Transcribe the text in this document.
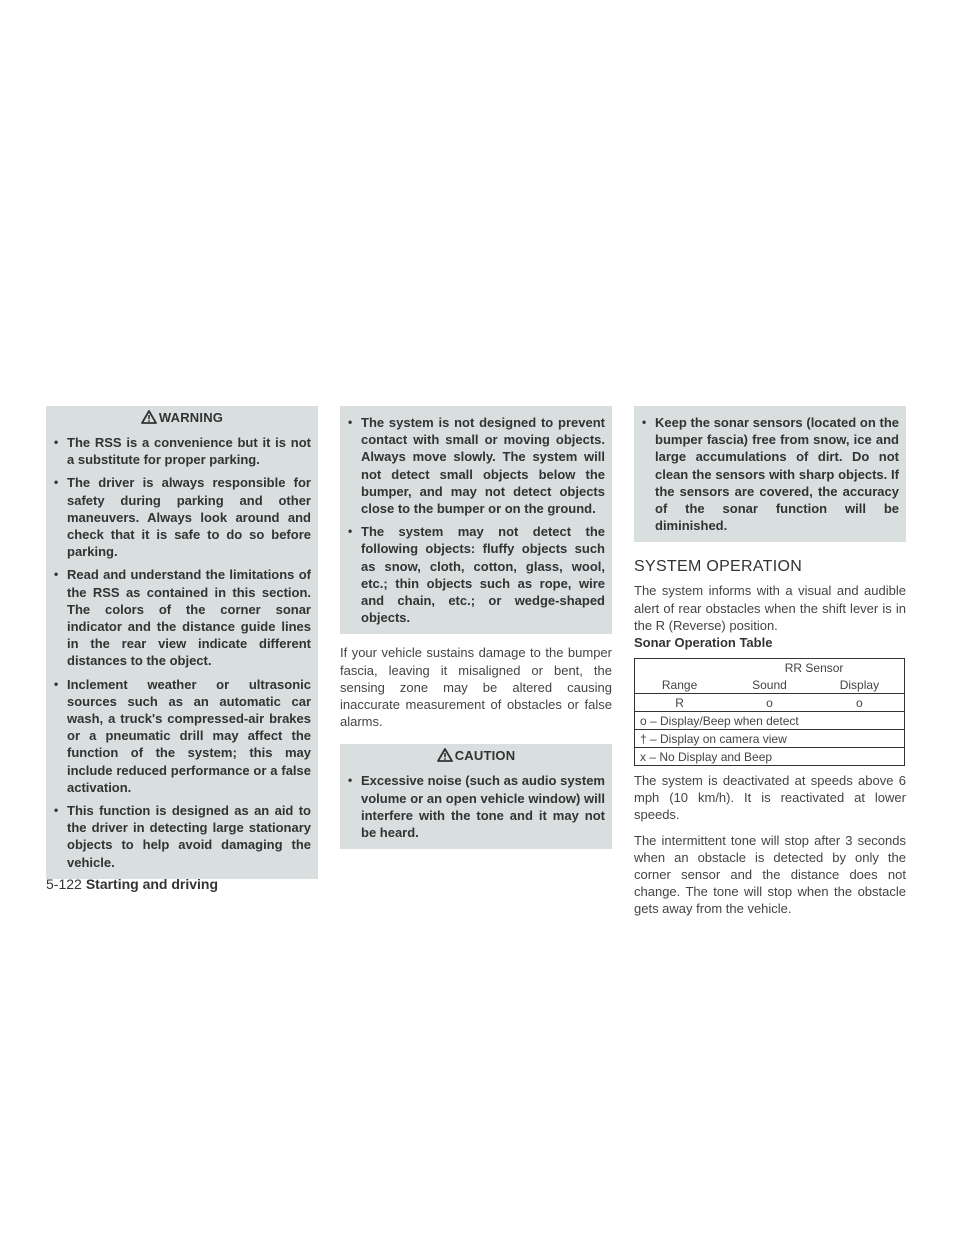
WARNING
• The RSS is a convenience but it is not a substitute for proper parking.
• The driver is always responsible for safety during parking and other maneuvers. Always look around and check that it is safe to do so before parking.
• Read and understand the limitations of the RSS as contained in this section. The colors of the corner sonar indicator and the distance guide lines in the rear view indicate different distances to the object.
• Inclement weather or ultrasonic sources such as an automatic car wash, a truck's compressed-air brakes or a pneumatic drill may affect the function of the system; this may include reduced performance or a false activation.
• This function is designed as an aid to the driver in detecting large stationary objects to help avoid damaging the vehicle.
• The system is not designed to prevent contact with small or moving objects. Always move slowly. The system will not detect small objects below the bumper, and may not detect objects close to the bumper or on the ground.
• The system may not detect the following objects: fluffy objects such as snow, cloth, cotton, glass, wool, etc.; thin objects such as rope, wire and chain, etc.; or wedge-shaped objects.

If your vehicle sustains damage to the bumper fascia, leaving it misaligned or bent, the sensing zone may be altered causing inaccurate measurement of obstacles or false alarms.

CAUTION
• Excessive noise (such as audio system volume or an open vehicle window) will interfere with the tone and it may not be heard.
• Keep the sonar sensors (located on the bumper fascia) free from snow, ice and large accumulations of dirt. Do not clean the sensors with sharp objects. If the sensors are covered, the accuracy of the sonar function will be diminished.
SYSTEM OPERATION

The system informs with a visual and audible alert of rear obstacles when the shift lever is in the R (Reverse) position.

Sonar Operation Table
	RR Sensor	
Range	Sound	Display
R	o	o
o – Display/Beep when detect		
† – Display on camera view		
x – No Display and Beep		

The system is deactivated at speeds above 6 mph (10 km/h). It is reactivated at lower speeds.

The intermittent tone will stop after 3 seconds when an obstacle is detected by only the corner sensor and the distance does not change. The tone will stop when the obstacle gets away from the vehicle.

5-122 Starting and driving
